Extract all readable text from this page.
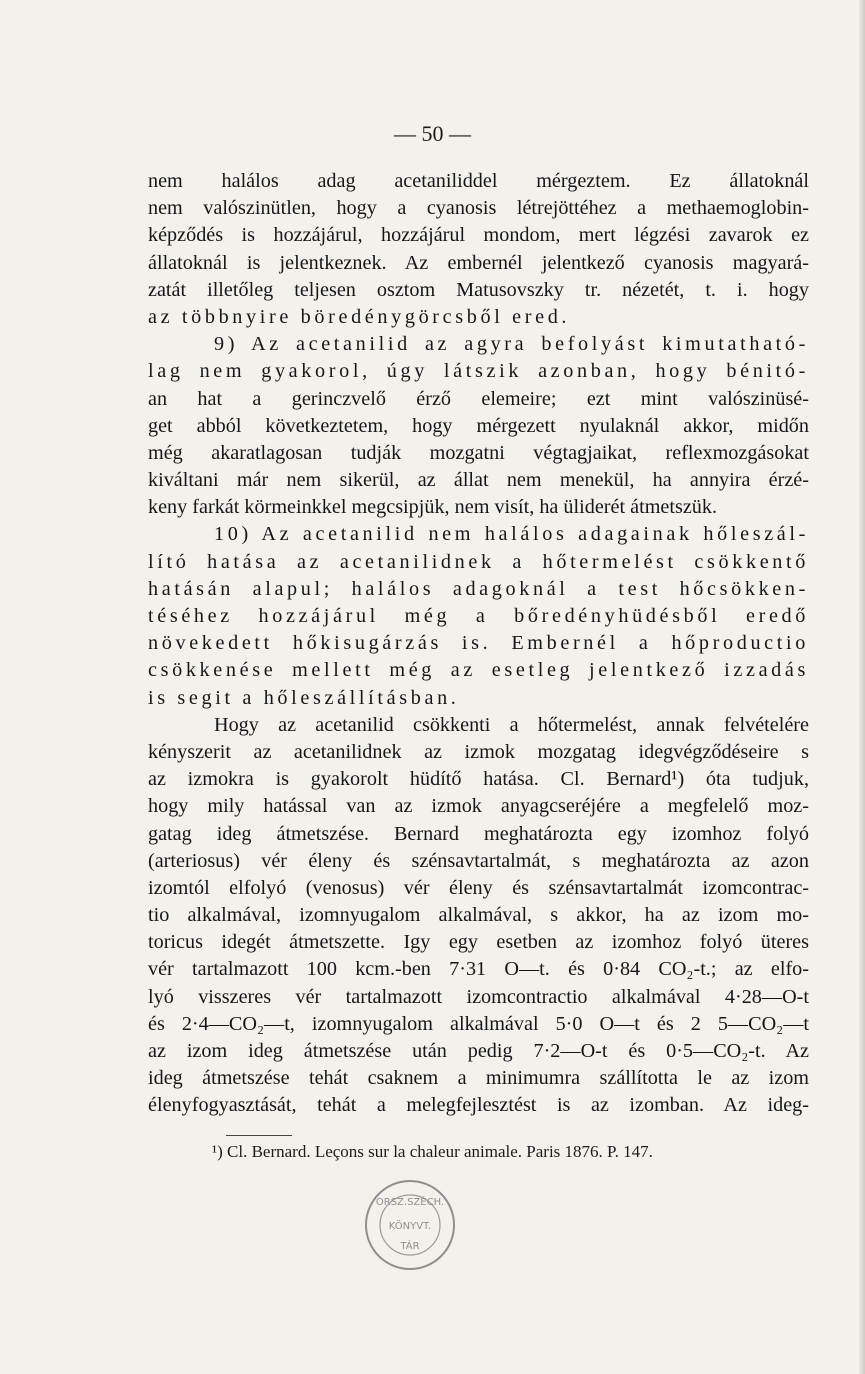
— 50 —
nem halálos adag acetaniliddel mérgeztem. Ez állatoknál
nem valószinütlen, hogy a cyanosis létrejöttéhez a methaemoglobin-
képződés is hozzájárul, hozzájárul mondom, mert légzési zavarok ez
állatoknál is jelentkeznek. Az embernél jelentkező cyanosis magyará-
zatát illetőleg teljesen osztom Matusovszky tr. nézetét, t. i. hogy
az többnyire böredénygörcsből ered.
9) Az acetanilid az agyra befolyást kimutatható-
lag nem gyakorol, úgy látszik azonban, hogy bénitó-
an hat a gerinczvelő érző elemeire; ezt mint valószinüsé-
get abból következtetem, hogy mérgezett nyulaknál akkor, midőn
még akaratlagosan tudják mozgatni végtagjaikat, reflexmozgásokat
kiváltani már nem sikerül, az állat nem menekül, ha annyira érzé-
keny farkát körmeinkkel megcsipjük, nem visít, ha üliderét átmetszük.
10) Az acetanilid nem halálos adagainak hőleszál-
lító hatása az acetanilidnek a hőtermelést csökkentő
hatásán alapul; halálos adagoknál a test hőcsökken-
téséhez hozzájárul még a bőredényhüdésből eredő
növekedett hőkisugárzás is. Embernél a hőproductio
csökkenése mellett még az esetleg jelentkező izzadás
is segit a hőleszállításban.
Hogy az acetanilid csökkenti a hőtermelést, annak felvételére
kényszerit az acetanilidnek az izmok mozgatag idegvégződéseire s
az izmokra is gyakorolt hüdítő hatása. Cl. Bernard¹) óta tudjuk,
hogy mily hatással van az izmok anyagcseréjére a megfelelő moz-
gatag ideg átmetszése. Bernard meghatározta egy izomhoz folyó
(arteriosus) vér éleny és szénsavtartalmát, s meghatározta az azon
izomtól elfolyó (venosus) vér éleny és szénsavtartalmát izomcontrac-
tio alkalmával, izomnyugalom alkalmával, s akkor, ha az izom mo-
toricus idegét átmetszette. Igy egy esetben az izomhoz folyó üteres
vér tartalmazott 100 kcm.-ben 7·31 O—t. és 0·84 CO₂-t.; az elfo-
lyó visszeres vér tartalmazott izomcontractio alkalmával 4·28—O-t
és 2·4—CO₂—t, izomnyugalom alkalmával 5·0 O—t és 2 5—CO₂—t
az izom ideg átmetszése után pedig 7·2—O-t és 0·5—CO₂-t. Az
ideg átmetszése tehát csaknem a minimumra szállította le az izom
élenyfogyasztását, tehát a melegfejlesztést is az izomban. Az ideg-
¹) Cl. Bernard. Leçons sur la chaleur animale. Paris 1876. P. 147.
ORSZ.SZÉCH.
KÖNYVT.
TÁR
